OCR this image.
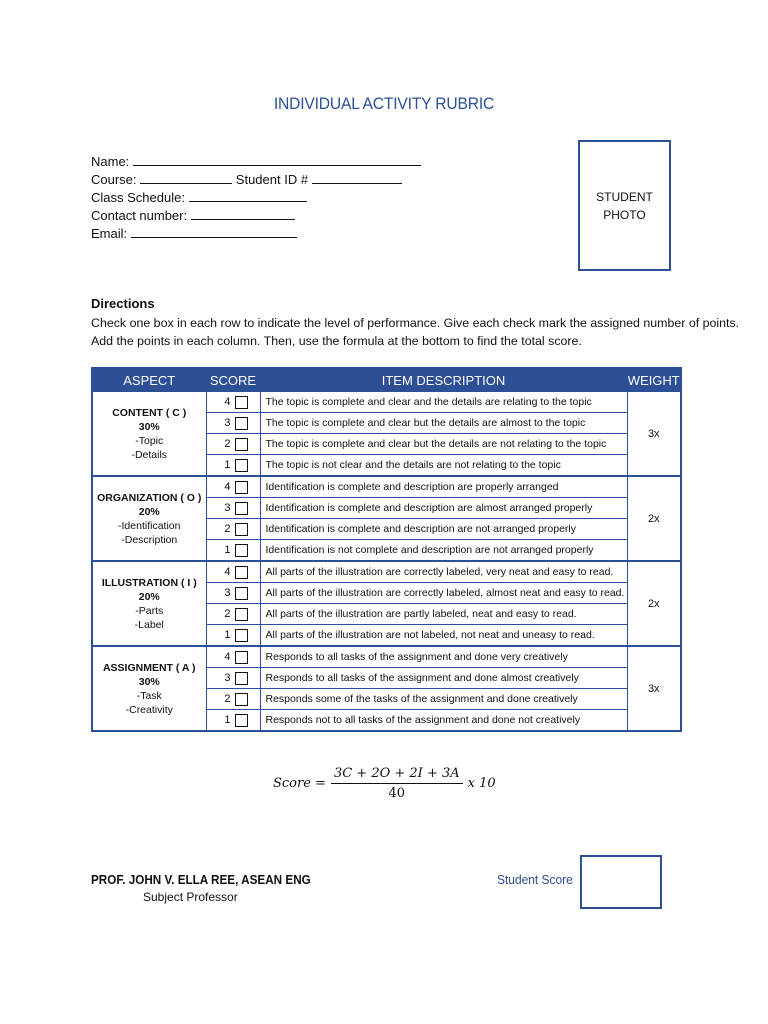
INDIVIDUAL ACTIVITY RUBRIC
Name:
Course:	Student ID #
Class Schedule:
Contact number:
Email:
STUDENT
PHOTO
Directions
Check one box in each row to indicate the level of performance. Give each check mark the assigned number of points.
Add the points in each column. Then, use the formula at the bottom to find the total score.
ASPECT	SCORE	ITEM DESCRIPTION	WEIGHT

CONTENT ( C )
30%
-Topic
-Details	4	The topic is complete and clear and the details are relating to the topic	3x
	3	The topic is complete and clear but the details are almost to the topic	
	2	The topic is complete and clear but the details are not relating to the topic	
	1	The topic is not clear and the details are not relating to the topic	

ORGANIZATION ( O )
20%
-Identification
-Description	4	Identification is complete and description are properly arranged	2x
	3	Identification is complete and description are almost arranged properly	
	2	Identification is complete and description are not arranged properly	
	1	Identification is not complete and description are not arranged properly	

ILLUSTRATION ( I )
20%
-Parts
-Label	4	All parts of the illustration are correctly labeled, very neat and easy to read.	2x
	3	All parts of the illustration are correctly labeled, almost neat and easy to read.	
	2	All parts of the illustration are partly labeled, neat and easy to read.	
	1	All parts of the illustration are not labeled, not neat and uneasy to read.	

ASSIGNMENT ( A )
30%
-Task
-Creativity	4	Responds to all tasks of the assignment and done very creatively	3x
	3	Responds to all tasks of the assignment and done almost creatively	
	2	Responds some of the tasks of the assignment and done creatively	
	1	Responds not to all tasks of the assignment and done not creatively	
Score = $\frac{3C + 2O + 2I + 3A}{40}$ x 10
PROF. JOHN V. ELLA REE, ASEAN ENG
Subject Professor
Student Score
